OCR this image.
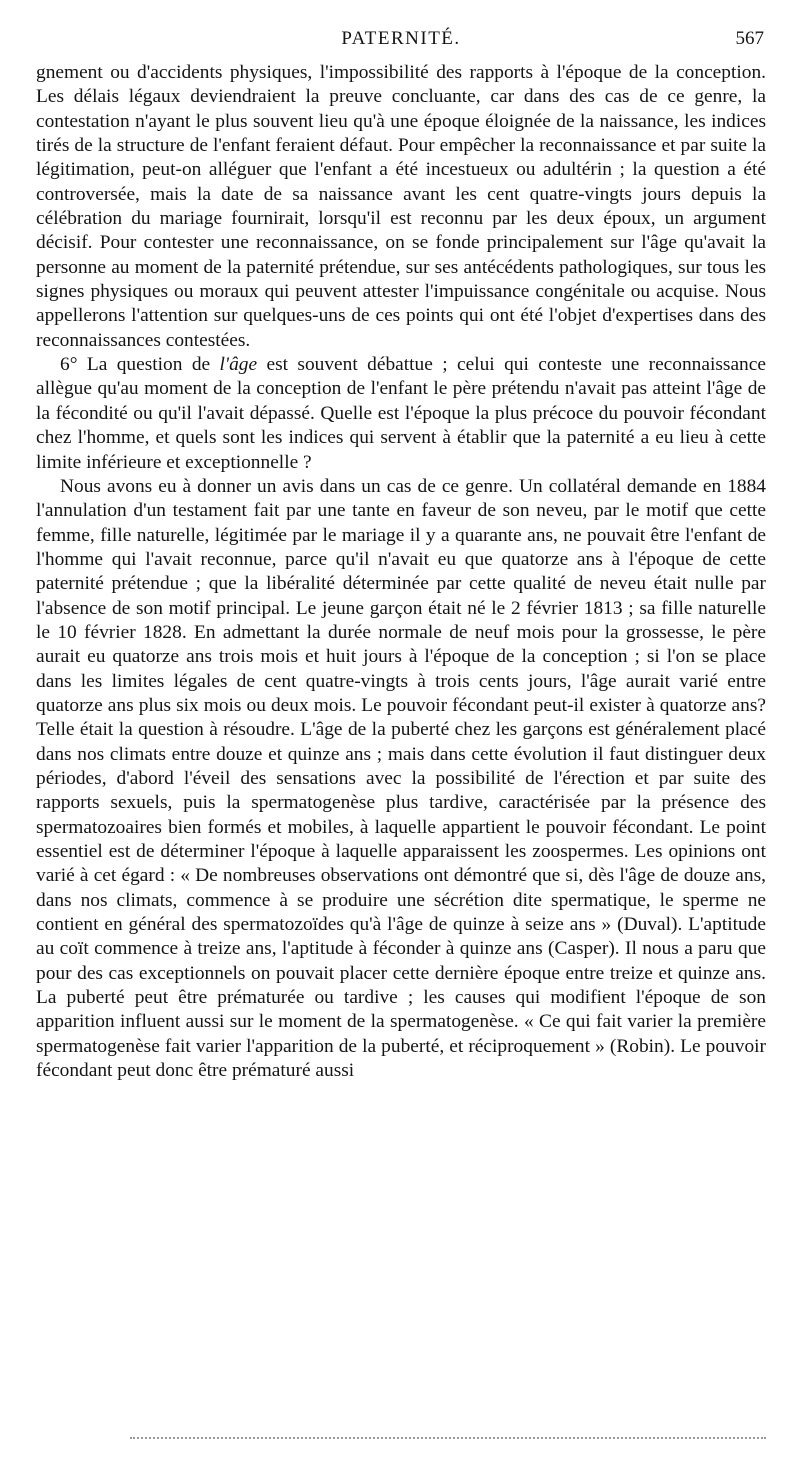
PATERNITÉ.	567

gnement ou d'accidents physiques, l'impossibilité des rapports à l'époque de la conception. Les délais légaux deviendraient la preuve concluante, car dans des cas de ce genre, la contestation n'ayant le plus souvent lieu qu'à une époque éloignée de la naissance, les indices tirés de la structure de l'enfant feraient défaut. Pour empêcher la reconnaissance et par suite la légitimation, peut-on alléguer que l'enfant a été incestueux ou adultérin ; la question a été controversée, mais la date de sa naissance avant les cent quatre-vingts jours depuis la célébration du mariage fournirait, lorsqu'il est reconnu par les deux époux, un argument décisif. Pour contester une reconnaissance, on se fonde principalement sur l'âge qu'avait la personne au moment de la paternité prétendue, sur ses antécédents pathologiques, sur tous les signes physiques ou moraux qui peuvent attester l'impuissance congénitale ou acquise. Nous appellerons l'attention sur quelques-uns de ces points qui ont été l'objet d'expertises dans des reconnaissances contestées.

6° La question de l'âge est souvent débattue ; celui qui conteste une reconnaissance allègue qu'au moment de la conception de l'enfant le père prétendu n'avait pas atteint l'âge de la fécondité ou qu'il l'avait dépassé. Quelle est l'époque la plus précoce du pouvoir fécondant chez l'homme, et quels sont les indices qui servent à établir que la paternité a eu lieu à cette limite inférieure et exceptionnelle ?

Nous avons eu à donner un avis dans un cas de ce genre. Un collatéral demande en 1884 l'annulation d'un testament fait par une tante en faveur de son neveu, par le motif que cette femme, fille naturelle, légitimée par le mariage il y a quarante ans, ne pouvait être l'enfant de l'homme qui l'avait reconnue, parce qu'il n'avait eu que quatorze ans à l'époque de cette paternité prétendue ; que la libéralité déterminée par cette qualité de neveu était nulle par l'absence de son motif principal. Le jeune garçon était né le 2 février 1813 ; sa fille naturelle le 10 février 1828. En admettant la durée normale de neuf mois pour la grossesse, le père aurait eu quatorze ans trois mois et huit jours à l'époque de la conception ; si l'on se place dans les limites légales de cent quatre-vingts à trois cents jours, l'âge aurait varié entre quatorze ans plus six mois ou deux mois. Le pouvoir fécondant peut-il exister à quatorze ans? Telle était la question à résoudre. L'âge de la puberté chez les garçons est généralement placé dans nos climats entre douze et quinze ans ; mais dans cette évolution il faut distinguer deux périodes, d'abord l'éveil des sensations avec la possibilité de l'érection et par suite des rapports sexuels, puis la spermatogenèse plus tardive, caractérisée par la présence des spermatozoaires bien formés et mobiles, à laquelle appartient le pouvoir fécondant. Le point essentiel est de déterminer l'époque à laquelle apparaissent les zoospermes. Les opinions ont varié à cet égard : « De nombreuses observations ont démontré que si, dès l'âge de douze ans, dans nos climats, commence à se produire une sécrétion dite spermatique, le sperme ne contient en général des spermatozoïdes qu'à l'âge de quinze à seize ans » (Duval). L'aptitude au coït commence à treize ans, l'aptitude à féconder à quinze ans (Casper). Il nous a paru que pour des cas exceptionnels on pouvait placer cette dernière époque entre treize et quinze ans. La puberté peut être prématurée ou tardive ; les causes qui modifient l'époque de son apparition influent aussi sur le moment de la spermatogenèse. « Ce qui fait varier la première spermatogenèse fait varier l'apparition de la puberté, et réciproquement » (Robin). Le pouvoir fécondant peut donc être prématuré aussi
